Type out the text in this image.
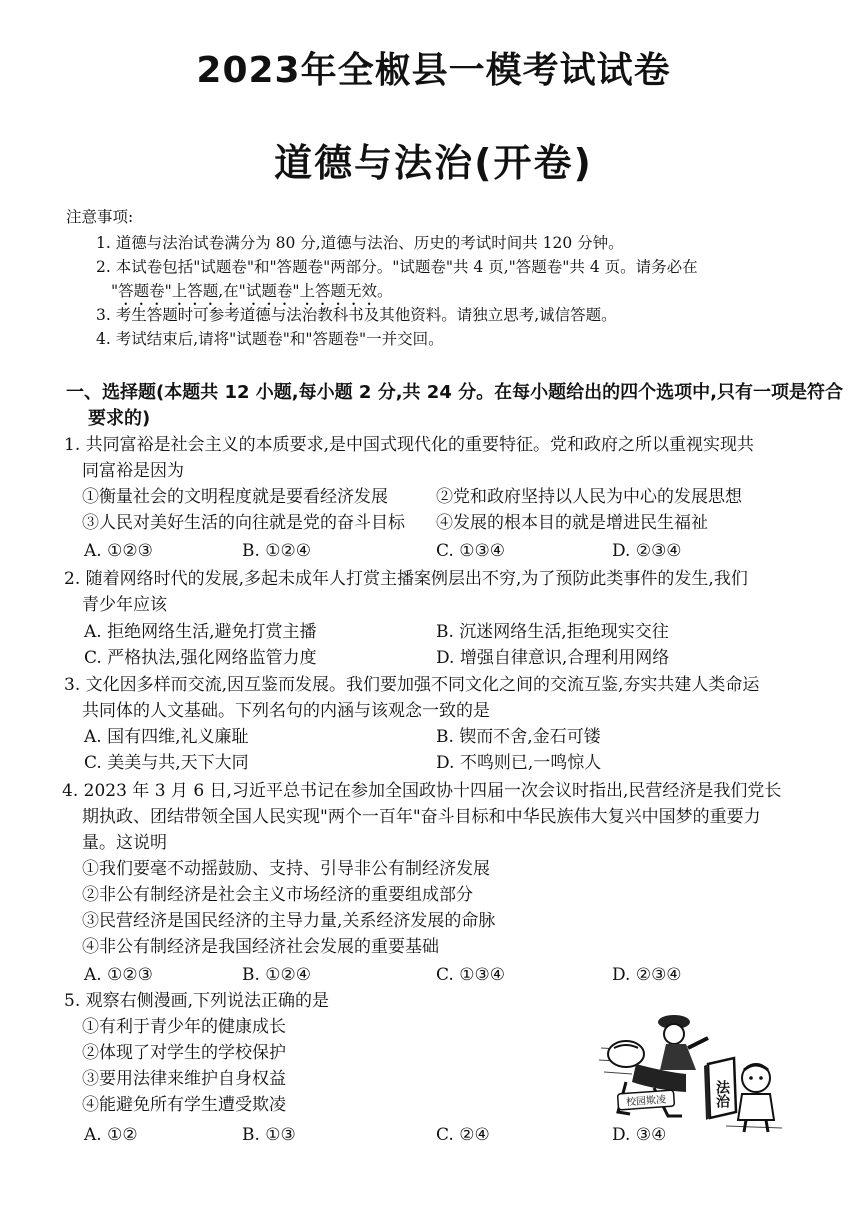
2023年全椒县一模考试试卷
道德与法治(开卷)
注意事项:
1. 道德与法治试卷满分为 80 分,道德与法治、历史的考试时间共 120 分钟。
2. 本试卷包括"试题卷"和"答题卷"两部分。"试题卷"共 4 页,"答题卷"共 4 页。请务必在
"答题卷"上答题,在"试题卷"上答题无效。
3. 考生答题时可参考道德与法治教科书及其他资料。请独立思考,诚信答题。
4. 考试结束后,请将"试题卷"和"答题卷"一并交回。
一、选择题(本题共 12 小题,每小题 2 分,共 24 分。在每小题给出的四个选项中,只有一项是符合
要求的)
1. 共同富裕是社会主义的本质要求,是中国式现代化的重要特征。党和政府之所以重视实现共
同富裕是因为
①衡量社会的文明程度就是要看经济发展	②党和政府坚持以人民为中心的发展思想
③人民对美好生活的向往就是党的奋斗目标 ④发展的根本目的就是增进民生福祉
A. ①②③	B. ①②④	C. ①③④	D. ②③④
2. 随着网络时代的发展,多起未成年人打赏主播案例层出不穷,为了预防此类事件的发生,我们
青少年应该
A. 拒绝网络生活,避免打赏主播	B. 沉迷网络生活,拒绝现实交往
C. 严格执法,强化网络监管力度	D. 增强自律意识,合理利用网络
3. 文化因多样而交流,因互鉴而发展。我们要加强不同文化之间的交流互鉴,夯实共建人类命运
共同体的人文基础。下列名句的内涵与该观念一致的是
A. 国有四维,礼义廉耻	B. 锲而不舍,金石可镂
C. 美美与共,天下大同	D. 不鸣则已,一鸣惊人
4. 2023 年 3 月 6 日,习近平总书记在参加全国政协十四届一次会议时指出,民营经济是我们党长
期执政、团结带领全国人民实现"两个一百年"奋斗目标和中华民族伟大复兴中国梦的重要力
量。这说明
①我们要毫不动摇鼓励、支持、引导非公有制经济发展
②非公有制经济是社会主义市场经济的重要组成部分
③民营经济是国民经济的主导力量,关系经济发展的命脉
④非公有制经济是我国经济社会发展的重要基础
A. ①②③	B. ①②④	C. ①③④	D. ②③④
5. 观察右侧漫画,下列说法正确的是
①有利于青少年的健康成长
②体现了对学生的学校保护
③要用法律来维护自身权益
④能避免所有学生遭受欺凌
A. ①②	B. ①③	C. ②④	D. ③④
校园欺凌	法治
